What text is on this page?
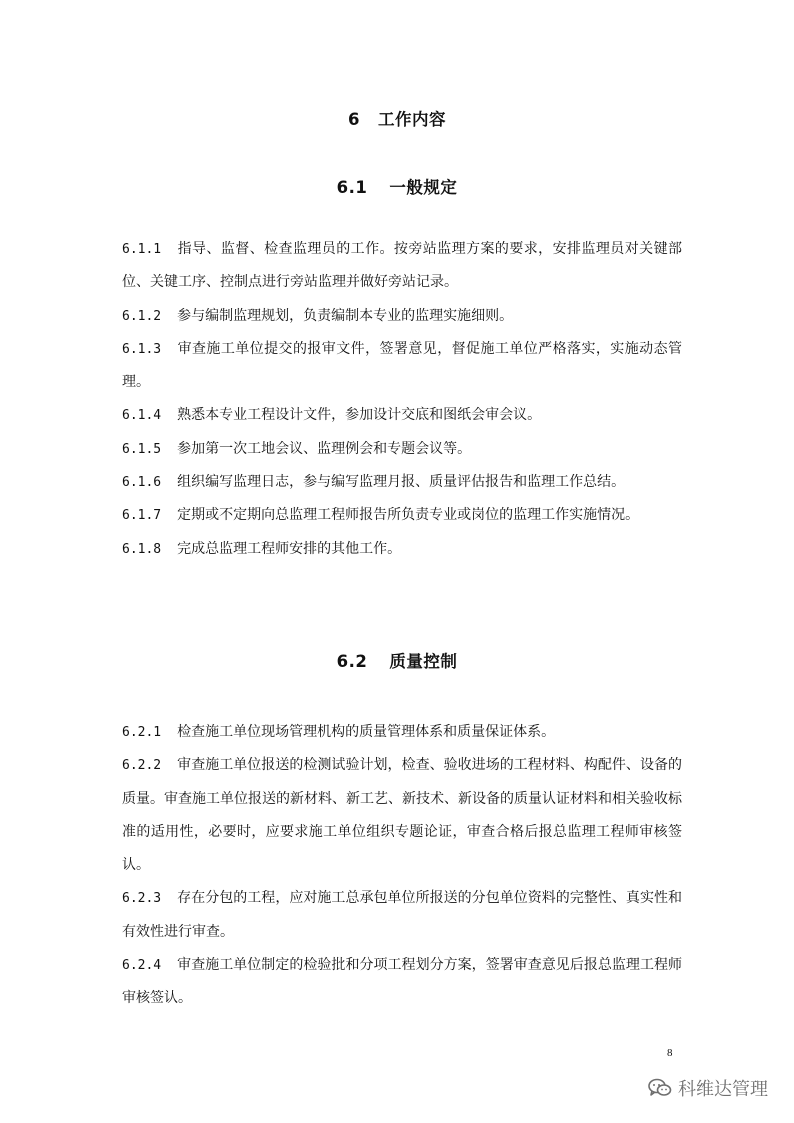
6 工作内容
6.1 一般规定

6.1.1 指导、监督、检查监理员的工作。按旁站监理方案的要求，安排监理员对关键部位、关键工序、控制点进行旁站监理并做好旁站记录。

6.1.2 参与编制监理规划，负责编制本专业的监理实施细则。

6.1.3 审查施工单位提交的报审文件，签署意见，督促施工单位严格落实，实施动态管理。

6.1.4 熟悉本专业工程设计文件，参加设计交底和图纸会审会议。

6.1.5 参加第一次工地会议、监理例会和专题会议等。

6.1.6 组织编写监理日志，参与编写监理月报、质量评估报告和监理工作总结。

6.1.7 定期或不定期向总监理工程师报告所负责专业或岗位的监理工作实施情况。

6.1.8 完成总监理工程师安排的其他工作。

6.2 质量控制

6.2.1 检查施工单位现场管理机构的质量管理体系和质量保证体系。

6.2.2 审查施工单位报送的检测试验计划，检查、验收进场的工程材料、构配件、设备的质量。审查施工单位报送的新材料、新工艺、新技术、新设备的质量认证材料和相关验收标准的适用性，必要时，应要求施工单位组织专题论证，审查合格后报总监理工程师审核签认。

6.2.3 存在分包的工程，应对施工总承包单位所报送的分包单位资料的完整性、真实性和有效性进行审查。

6.2.4 审查施工单位制定的检验批和分项工程划分方案，签署审查意见后报总监理工程师审核签认。

8
科维达管理
